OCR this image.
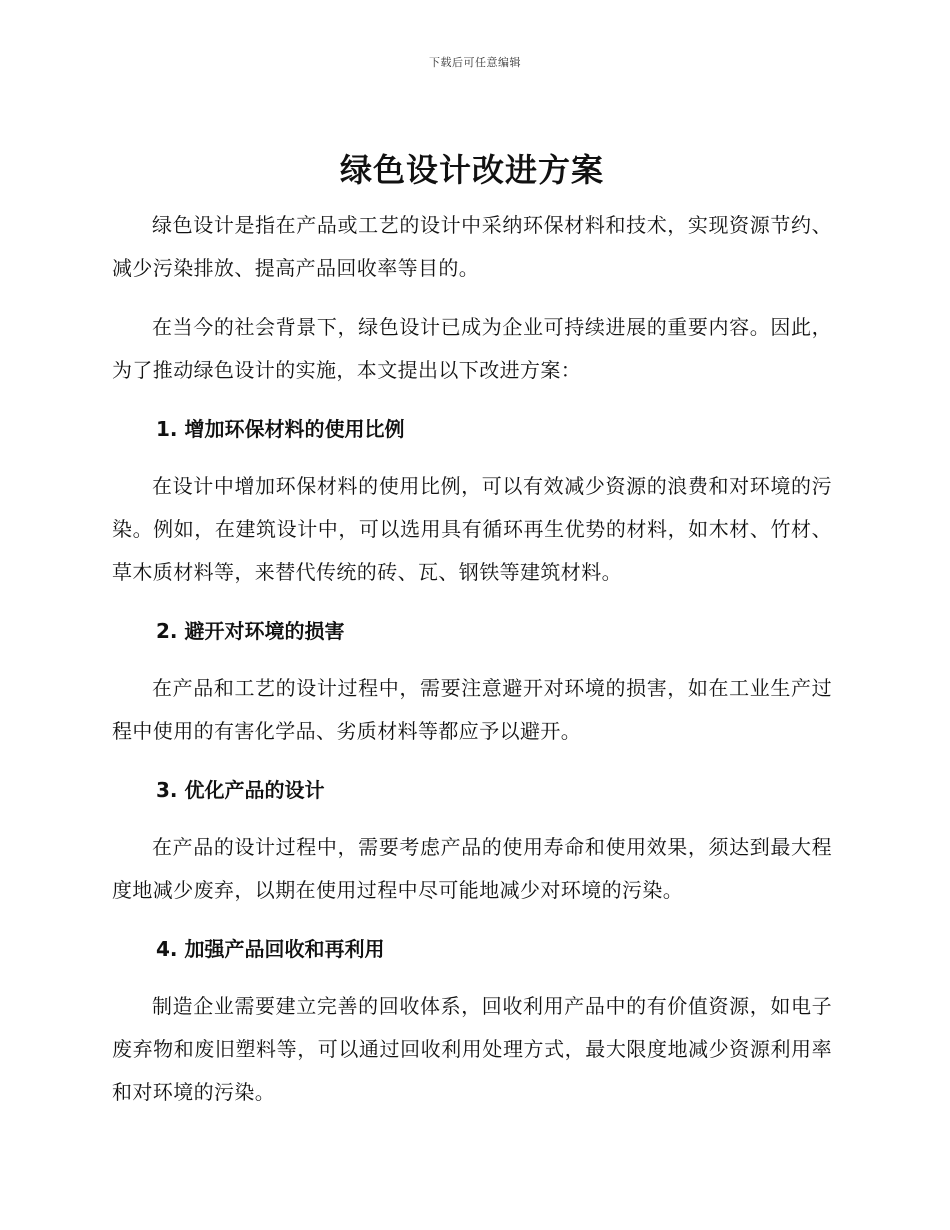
下载后可任意编辑
绿色设计改进方案

绿色设计是指在产品或工艺的设计中采纳环保材料和技术，实现资源节约、减少污染排放、提高产品回收率等目的。

在当今的社会背景下，绿色设计已成为企业可持续进展的重要内容。因此，为了推动绿色设计的实施，本文提出以下改进方案：

1. 增加环保材料的使用比例

在设计中增加环保材料的使用比例，可以有效减少资源的浪费和对环境的污染。例如，在建筑设计中，可以选用具有循环再生优势的材料，如木材、竹材、草木质材料等，来替代传统的砖、瓦、钢铁等建筑材料。

2. 避开对环境的损害

在产品和工艺的设计过程中，需要注意避开对环境的损害，如在工业生产过程中使用的有害化学品、劣质材料等都应予以避开。

3. 优化产品的设计

在产品的设计过程中，需要考虑产品的使用寿命和使用效果，须达到最大程度地减少废弃，以期在使用过程中尽可能地减少对环境的污染。

4. 加强产品回收和再利用

制造企业需要建立完善的回收体系，回收利用产品中的有价值资源，如电子废弃物和废旧塑料等，可以通过回收利用处理方式，最大限度地减少资源利用率和对环境的污染。
